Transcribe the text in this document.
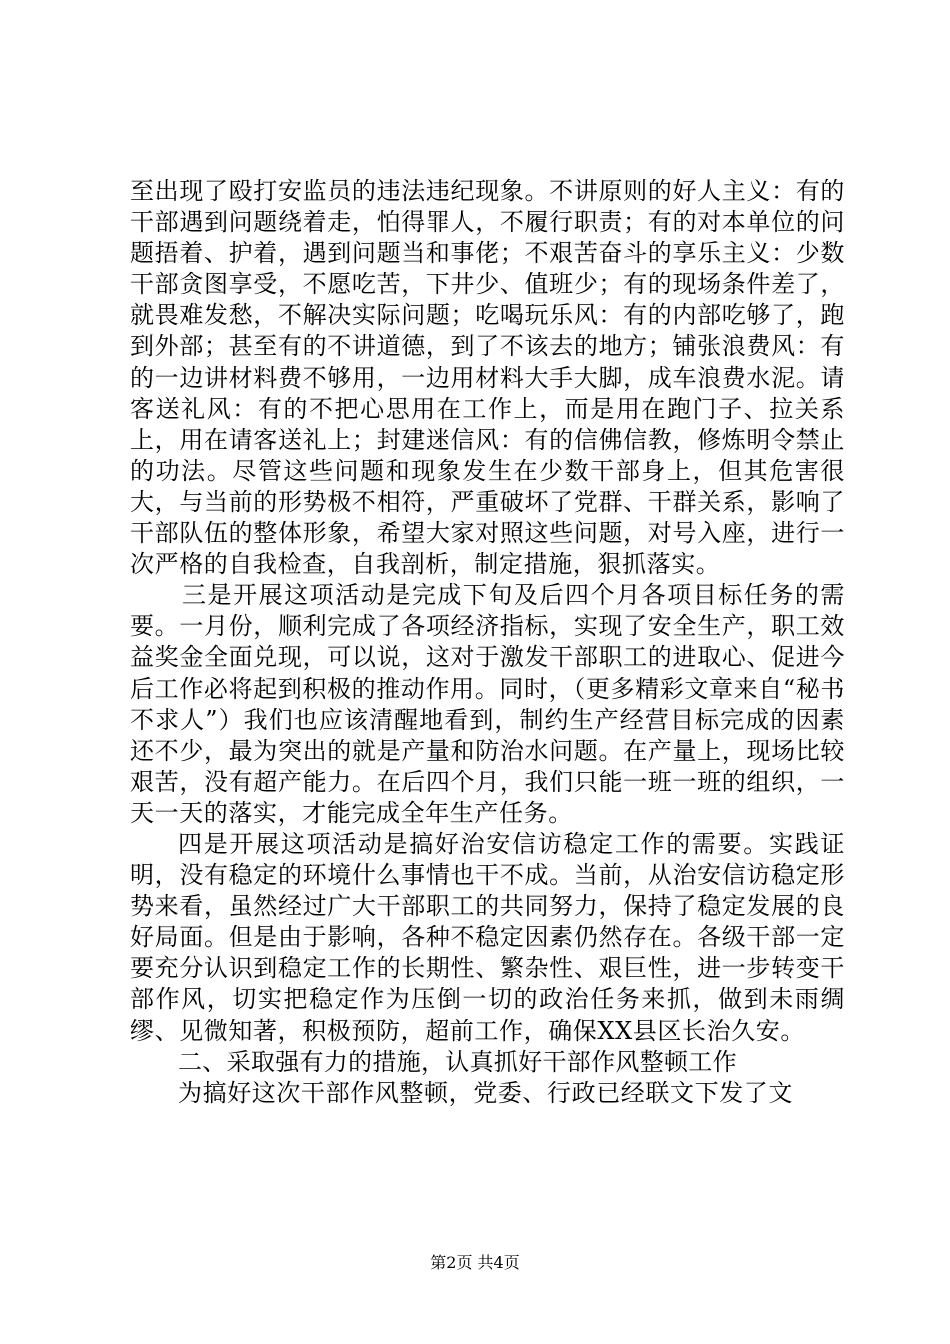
至出现了殴打安监员的违法违纪现象。不讲原则的好人主义：有的干部遇到问题绕着走，怕得罪人，不履行职责；有的对本单位的问题捂着、护着，遇到问题当和事佬；不艰苦奋斗的享乐主义：少数干部贪图享受，不愿吃苦，下井少、值班少；有的现场条件差了，就畏难发愁，不解决实际问题；吃喝玩乐风：有的内部吃够了，跑到外部；甚至有的不讲道德，到了不该去的地方；铺张浪费风：有的一边讲材料费不够用，一边用材料大手大脚，成车浪费水泥。请客送礼风：有的不把心思用在工作上，而是用在跑门子、拉关系上，用在请客送礼上；封建迷信风：有的信佛信教，修炼明令禁止的功法。尽管这些问题和现象发生在少数干部身上，但其危害很大，与当前的形势极不相符，严重破坏了党群、干群关系，影响了干部队伍的整体形象，希望大家对照这些问题，对号入座，进行一次严格的自我检查，自我剖析，制定措施，狠抓落实。

三是开展这项活动是完成下旬及后四个月各项目标任务的需要。一月份，顺利完成了各项经济指标，实现了安全生产，职工效益奖金全面兑现，可以说，这对于激发干部职工的进取心、促进今后工作必将起到积极的推动作用。同时，（更多精彩文章来自“秘书不求人”）我们也应该清醒地看到，制约生产经营目标完成的因素还不少，最为突出的就是产量和防治水问题。在产量上，现场比较艰苦，没有超产能力。在后四个月，我们只能一班一班的组织，一天一天的落实，才能完成全年生产任务。

四是开展这项活动是搞好治安信访稳定工作的需要。实践证明，没有稳定的环境什么事情也干不成。当前，从治安信访稳定形势来看，虽然经过广大干部职工的共同努力，保持了稳定发展的良好局面。但是由于影响，各种不稳定因素仍然存在。各级干部一定要充分认识到稳定工作的长期性、繁杂性、艰巨性，进一步转变干部作风，切实把稳定作为压倒一切的政治任务来抓，做到未雨绸缪、见微知著，积极预防，超前工作，确保XX县区长治久安。

二、采取强有力的措施，认真抓好干部作风整顿工作

为搞好这次干部作风整顿，党委、行政已经联文下发了文

第2页 共4页
